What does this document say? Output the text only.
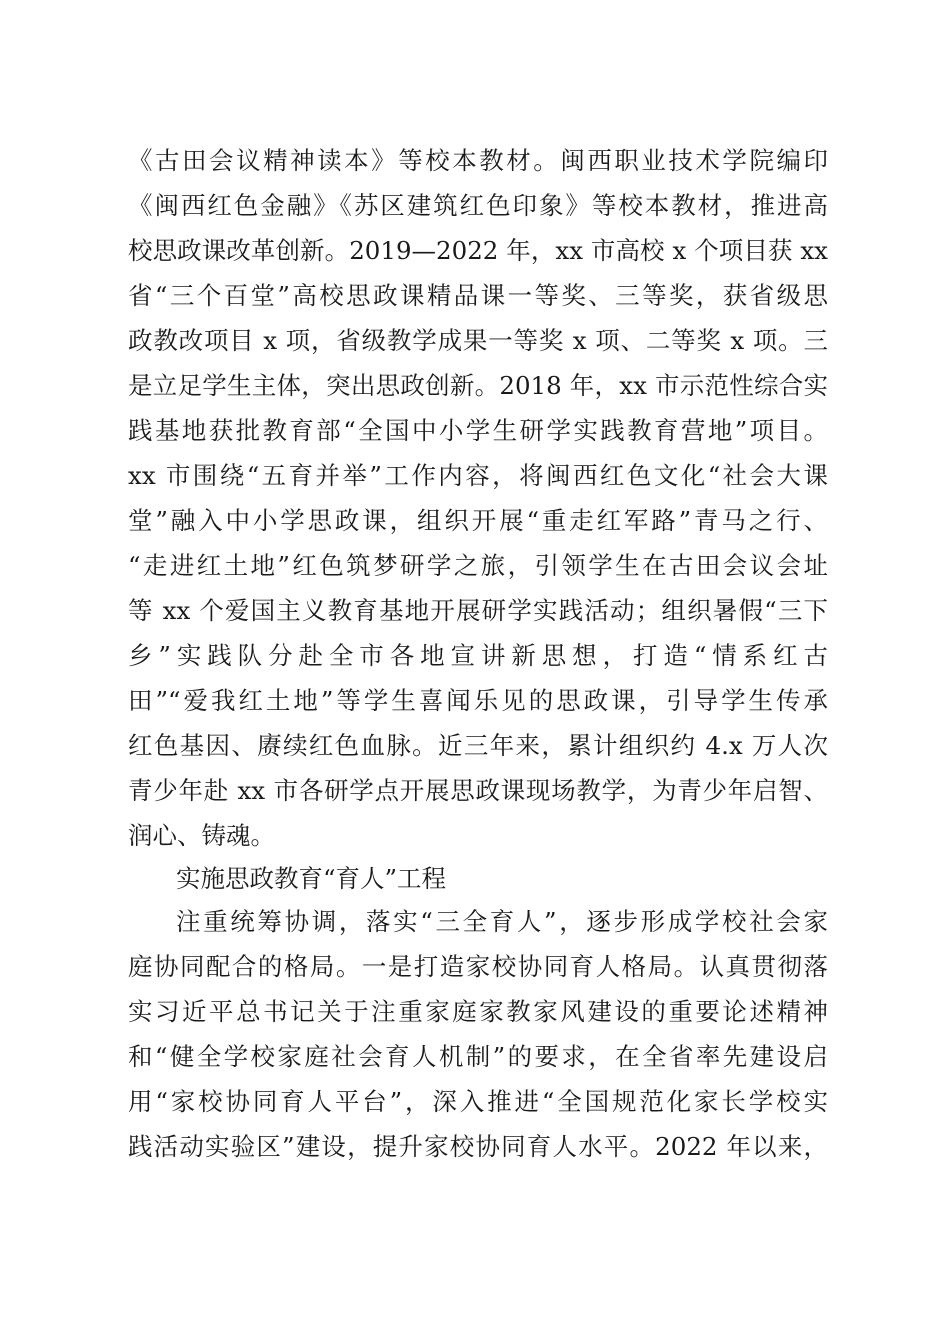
《古田会议精神读本》等校本教材。闽西职业技术学院编印
《闽西红色金融》《苏区建筑红色印象》等校本教材，推进高
校思政课改革创新。2019—2022 年，xx 市高校 x 个项目获 xx
省“三个百堂”高校思政课精品课一等奖、三等奖，获省级思
政教改项目 x 项，省级教学成果一等奖 x 项、二等奖 x 项。三
是立足学生主体，突出思政创新。2018 年，xx 市示范性综合实
践基地获批教育部“全国中小学生研学实践教育营地”项目。
xx 市围绕“五育并举”工作内容，将闽西红色文化“社会大课
堂”融入中小学思政课，组织开展“重走红军路”青马之行、
“走进红土地”红色筑梦研学之旅，引领学生在古田会议会址
等 xx 个爱国主义教育基地开展研学实践活动；组织暑假“三下
乡”实践队分赴全市各地宣讲新思想，打造“情系红古
田”“爱我红土地”等学生喜闻乐见的思政课，引导学生传承
红色基因、赓续红色血脉。近三年来，累计组织约 4.x 万人次
青少年赴 xx 市各研学点开展思政课现场教学，为青少年启智、
润心、铸魂。
实施思政教育“育人”工程
注重统筹协调，落实“三全育人”，逐步形成学校社会家
庭协同配合的格局。一是打造家校协同育人格局。认真贯彻落
实习近平总书记关于注重家庭家教家风建设的重要论述精神
和“健全学校家庭社会育人机制”的要求，在全省率先建设启
用“家校协同育人平台”，深入推进“全国规范化家长学校实
践活动实验区”建设，提升家校协同育人水平。2022 年以来，
